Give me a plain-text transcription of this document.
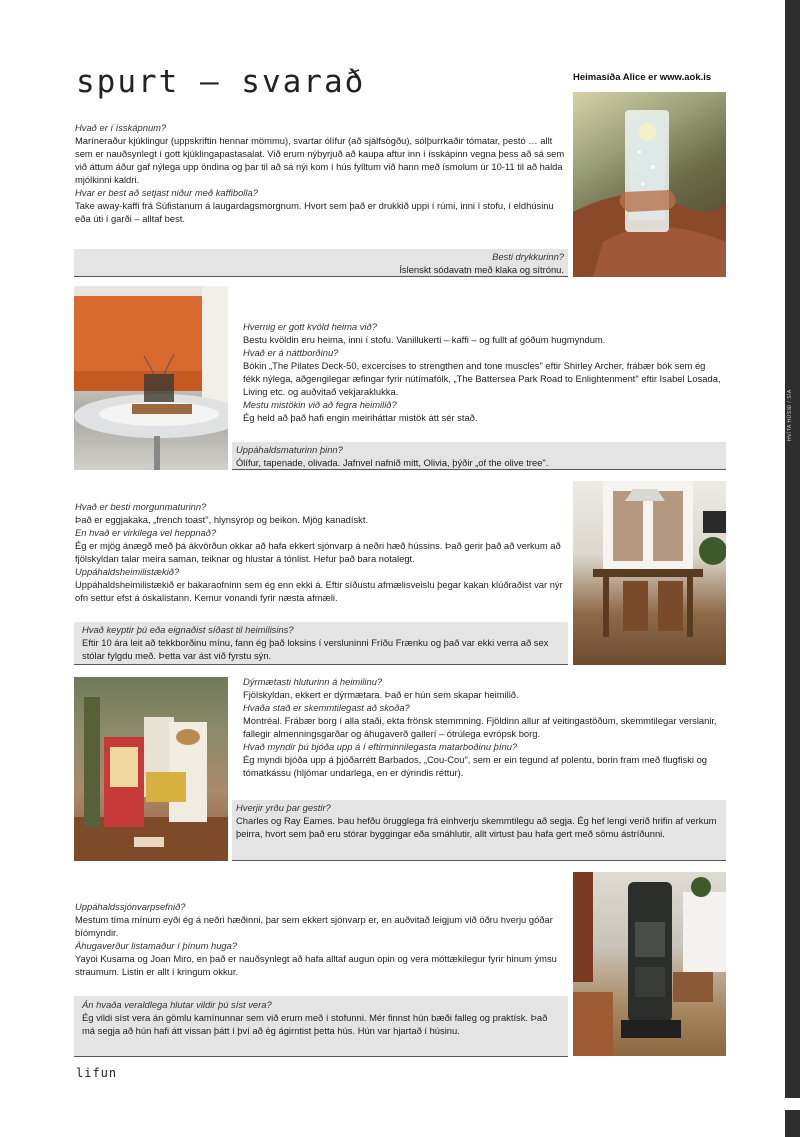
HVÍTA HÚSIÐ / SÍA
spurt – svarað	Heimasíða Alice er www.aok.is
Hvað er í ísskápnum?
Maríneraður kjúklingur (uppskriftin hennar mömmu), svartar ólífur (að sjálfsögðu), sólþurrkaðir tómatar, pestó … allt sem er nauðsynlegt í gott kjúklingapastasalat. Við erum nýbyrjuð að kaupa aftur inn í ísskápinn vegna þess að sá sem við áttum áður gaf nýlega upp öndina og þar til að sá nýi kom í hús fylltum við hann með ísmolum úr 10-11 til að halda mjólkinni kaldri.
Hvar er best að setjast niður með kaffibolla?
Take away-kaffi frá Súfistanum á laugardagsmorgnum. Hvort sem það er drukkið uppi í rúmi, inni í stofu, í eldhúsinu eða úti í garði – alltaf best.
Besti drykkurinn?
Íslenskt sódavatn með klaka og sítrónu.
Hvernig er gott kvöld heima við?
Bestu kvöldin eru heima, inni í stofu. Vanillukerti – kaffi – og fullt af góðum hugmyndum.
Hvað er á náttborðinu?
Bókin „The Pilates Deck-50, excercises to strengthen and tone muscles" eftir Shirley Archer, frábær bók sem ég fékk nýlega, aðgengilegar æfingar fyrir nútímafólk, „The Battersea Park Road to Enlightenment" eftir Isabel Losada, Living etc. og auðvitað vekjaraklukka.
Mestu mistökin við að fegra heimilið?
Ég held að það hafi engin meiriháttar mistök átt sér stað.
Uppáhaldsmaturinn þinn?
Ólífur, tapenade, olivada. Jafnvel nafnið mitt, Olivia, þýðir „of the olive tree".
Hvað er besti morgunmaturinn?
Það er eggjakaka, „french toast", hlynsýróp og beikon. Mjög kanadískt.
En hvað er virkilega vel heppnað?
Ég er mjög ánægð með þá ákvörðun okkar að hafa ekkert sjónvarp á neðri hæð hússins. Það gerir það að verkum að fjölskyldan talar meira saman, teiknar og hlustar á tónlist. Hefur það bara notalegt.
Uppáhaldsheimilistækið?
Uppáhaldsheimilistækið er bakaraofninn sem ég enn ekki á. Eftir síðustu afmælisveislu þegar kakan klúðraðist var nýr ofn settur efst á óskalistann. Kemur vonandi fyrir næsta afmæli.
Hvað keyptir þú eða eignaðist síðast til heimilisins?
Eftir 10 ára leit að tekkborðinu mínu, fann ég það loksins í versluninni Fríðu Frænku og það var ekki verra að sex stólar fylgdu með. Þetta var ást við fyrstu sýn.
Dýrmætasti hluturinn á heimilinu?
Fjölskyldan, ekkert er dýrmætara. Það er hún sem skapar heimilið.
Hvaða stað er skemmtilegast að skoða?
Montréal. Frábær borg í alla staði, ekta frönsk stemmning. Fjöldinn allur af veitingastöðum, skemmtilegar verslanir, fallegir almenningsgarðar og áhugaverð gallerí – ótrúlega evrópsk borg.
Hvað myndir þú bjóða upp á í eftirminnilegasta matarboðinu þínu?
Ég myndi bjóða upp á þjóðarrétt Barbados, „Cou-Cou", sem er ein tegund af polentu, borin fram með flugfiski og tómatkássu (hljómar undarlega, en er dýrindis réttur).
Hverjir yrðu þar gestir?
Charles og Ray Eames. Þau hefðu örugglega frá einhverju skemmtilegu að segja. Ég hef lengi verið hrifin af verkum þeirra, hvort sem það eru stórar byggingar eða smáhlutir, allt virtust þau hafa gert með sömu ástríðunni.
Uppáhaldssjónvarpsefnið?
Mestum tíma mínum eyði ég á neðri hæðinni, þar sem ekkert sjónvarp er, en auðvitað leigjum við öðru hverju góðar bíómyndir.
Áhugaverður listamaður í þínum huga?
Yayoi Kusama og Joan Miro, en það er nauðsynlegt að hafa alltaf augun opin og vera móttækilegur fyrir hinum ýmsu straumum. Listin er allt í kringum okkur.
Án hvaða veraldlega hlutar vildir þú síst vera?
Ég vildi síst vera án gömlu kamínunnar sem við erum með í stofunni. Mér finnst hún bæði falleg og praktísk. Það má segja að hún hafi átt vissan þátt í því að ég ágirntist þetta hús. Hún var hjartað í húsinu.
lifun
